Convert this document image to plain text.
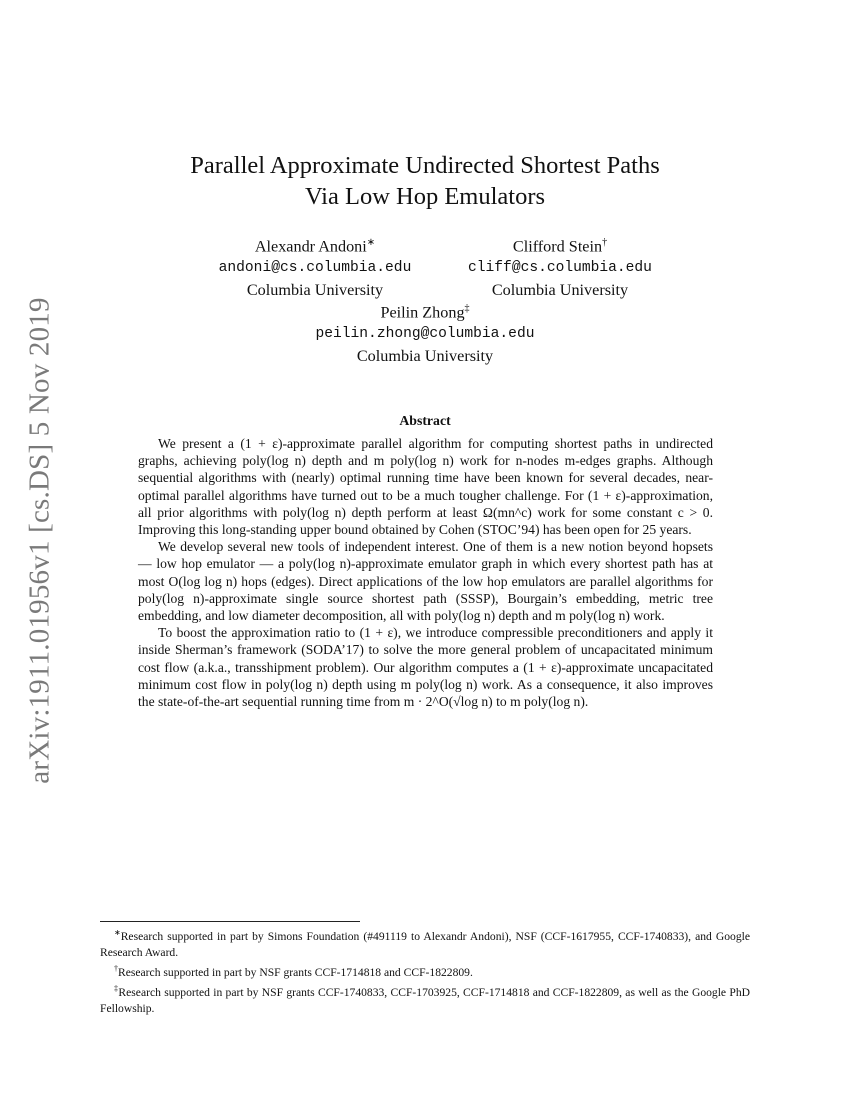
arXiv:1911.01956v1 [cs.DS] 5 Nov 2019
Parallel Approximate Undirected Shortest Paths
Via Low Hop Emulators
Alexandr Andoni∗
andoni@cs.columbia.edu
Columbia University
Clifford Stein†
cliff@cs.columbia.edu
Columbia University
Peilin Zhong‡
peilin.zhong@columbia.edu
Columbia University
Abstract

We present a (1 + ε)-approximate parallel algorithm for computing shortest paths in undirected graphs, achieving poly(log n) depth and m poly(log n) work for n-nodes m-edges graphs. Although sequential algorithms with (nearly) optimal running time have been known for several decades, near-optimal parallel algorithms have turned out to be a much tougher challenge. For (1 + ε)-approximation, all prior algorithms with poly(log n) depth perform at least Ω(mn^c) work for some constant c > 0. Improving this long-standing upper bound obtained by Cohen (STOC’94) has been open for 25 years.

We develop several new tools of independent interest. One of them is a new notion beyond hopsets — low hop emulator — a poly(log n)-approximate emulator graph in which every shortest path has at most O(log log n) hops (edges). Direct applications of the low hop emulators are parallel algorithms for poly(log n)-approximate single source shortest path (SSSP), Bourgain’s embedding, metric tree embedding, and low diameter decomposition, all with poly(log n) depth and m poly(log n) work.

To boost the approximation ratio to (1 + ε), we introduce compressible preconditioners and apply it inside Sherman’s framework (SODA’17) to solve the more general problem of uncapacitated minimum cost flow (a.k.a., transshipment problem). Our algorithm computes a (1 + ε)-approximate uncapacitated minimum cost flow in poly(log n) depth using m poly(log n) work. As a consequence, it also improves the state-of-the-art sequential running time from m · 2^O(√log n) to m poly(log n).

∗Research supported in part by Simons Foundation (#491119 to Alexandr Andoni), NSF (CCF-1617955, CCF-1740833), and Google Research Award.

†Research supported in part by NSF grants CCF-1714818 and CCF-1822809.

‡Research supported in part by NSF grants CCF-1740833, CCF-1703925, CCF-1714818 and CCF-1822809, as well as the Google PhD Fellowship.
